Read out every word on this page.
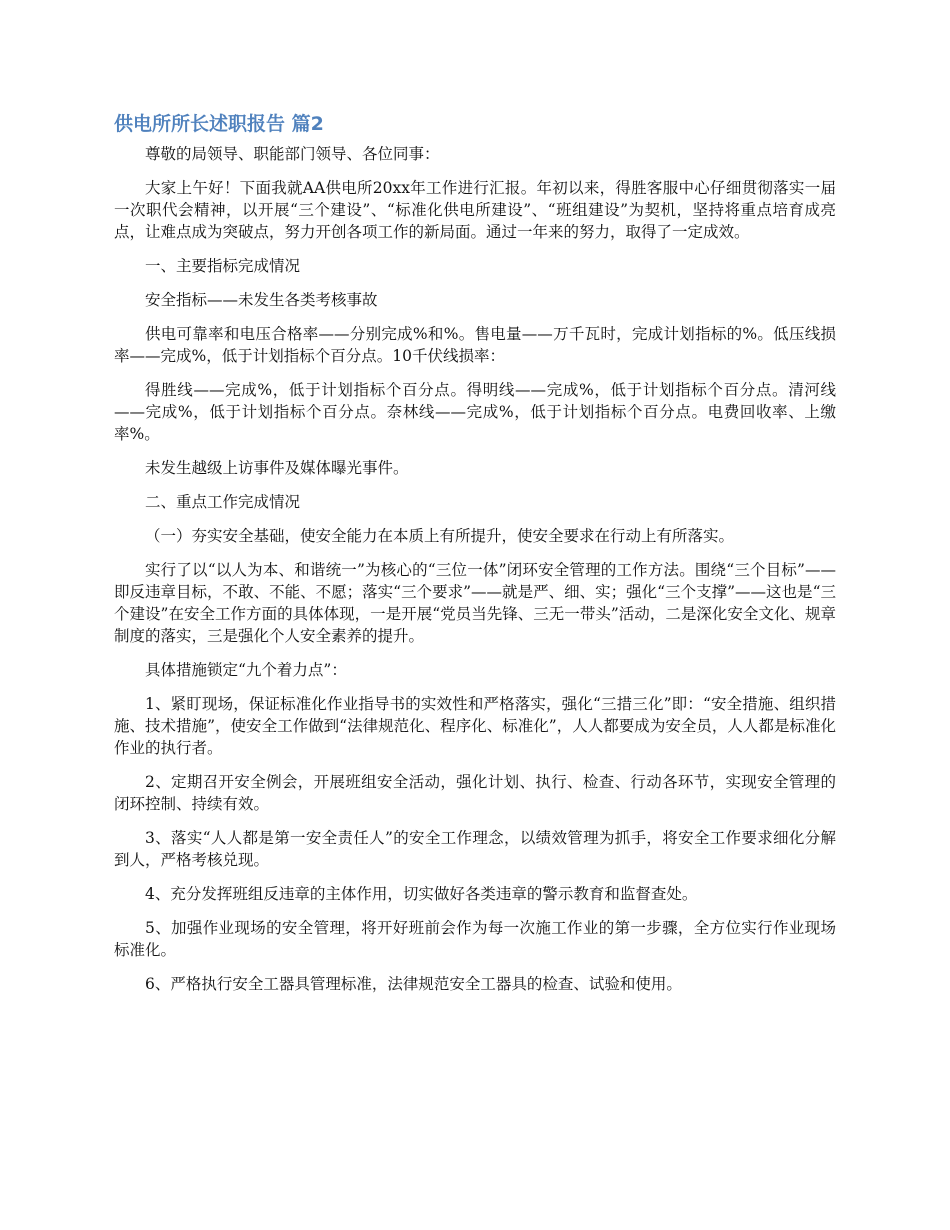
供电所所长述职报告 篇2

尊敬的局领导、职能部门领导、各位同事：

大家上午好！下面我就AA供电所20xx年工作进行汇报。年初以来，得胜客服中心仔细贯彻落实一届一次职代会精神，以开展“三个建设”、“标准化供电所建设”、“班组建设”为契机，坚持将重点培育成亮点，让难点成为突破点，努力开创各项工作的新局面。通过一年来的努力，取得了一定成效。

一、主要指标完成情况

安全指标——未发生各类考核事故

供电可靠率和电压合格率——分别完成%和%。售电量——万千瓦时，完成计划指标的%。低压线损率——完成%，低于计划指标个百分点。10千伏线损率：

得胜线——完成%，低于计划指标个百分点。得明线——完成%，低于计划指标个百分点。清河线——完成%，低于计划指标个百分点。奈林线——完成%，低于计划指标个百分点。电费回收率、上缴率%。

未发生越级上访事件及媒体曝光事件。

二、重点工作完成情况

（一）夯实安全基础，使安全能力在本质上有所提升，使安全要求在行动上有所落实。

实行了以“以人为本、和谐统一”为核心的“三位一体”闭环安全管理的工作方法。围绕“三个目标”——即反违章目标，不敢、不能、不愿；落实“三个要求”——就是严、细、实；强化“三个支撑”——这也是“三个建设”在安全工作方面的具体体现，一是开展“党员当先锋、三无一带头”活动，二是深化安全文化、规章制度的落实，三是强化个人安全素养的提升。

具体措施锁定“九个着力点”：

1、紧盯现场，保证标准化作业指导书的实效性和严格落实，强化“三措三化”即：“安全措施、组织措施、技术措施”，使安全工作做到“法律规范化、程序化、标准化”，人人都要成为安全员，人人都是标准化作业的执行者。

2、定期召开安全例会，开展班组安全活动，强化计划、执行、检查、行动各环节，实现安全管理的闭环控制、持续有效。

3、落实“人人都是第一安全责任人”的安全工作理念，以绩效管理为抓手，将安全工作要求细化分解到人，严格考核兑现。

4、充分发挥班组反违章的主体作用，切实做好各类违章的警示教育和监督查处。

5、加强作业现场的安全管理，将开好班前会作为每一次施工作业的第一步骤，全方位实行作业现场标准化。

6、严格执行安全工器具管理标准，法律规范安全工器具的检查、试验和使用。
